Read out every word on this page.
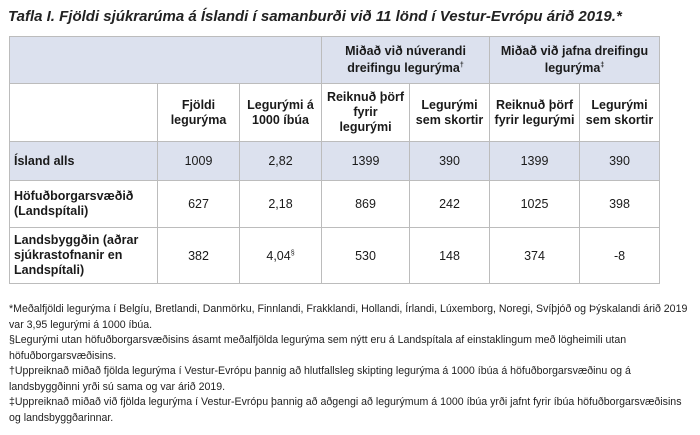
Tafla I. Fjöldi sjúkrarúma á Íslandi í samanburði við 11 lönd í Vestur-Evrópu árið 2019.*
			Miðað við núverandi dreifingu legurýma†		Miðað við jafna dreifingu legurýma‡
	Fjöldi legurýma	Legurými á 1000 íbúa	Reiknuð þörf fyrir legurými	Legurými sem skortir	Reiknuð þörf fyrir legurými	Legurými sem skortir
Ísland alls	1009	2,82	1399	390	1399	390
Höfuðborgarsvæðið (Landspítali)	627	2,18	869	242	1025	398
Landsbyggðin (aðrar sjúkrastofnanir en Landspítali)	382	4,04§	530	148	374	-8

*Meðalfjöldi legurýma í Belgíu, Bretlandi, Danmörku, Finnlandi, Frakklandi, Hollandi, Írlandi, Lúxemborg, Noregi, Svíþjóð og Þýskalandi árið 2019 var 3,95 legurými á 1000 íbúa.

§Legurými utan höfuðborgarsvæðisins ásamt meðalfjölda legurýma sem nýtt eru á Landspítala af einstaklingum með lögheimili utan höfuðborgarsvæðisins.

†Uppreiknað miðað fjölda legurýma í Vestur-Evrópu þannig að hlutfallsleg skipting legurýma á 1000 íbúa á höfuðborgarsvæðinu og á landsbyggðinni yrði sú sama og var árið 2019.

‡Uppreiknað miðað við fjölda legurýma í Vestur-Evrópu þannig að aðgengi að legurýmum á 1000 íbúa yrði jafnt fyrir íbúa höfuðborgarsvæðisins og landsbyggðarinnar.
